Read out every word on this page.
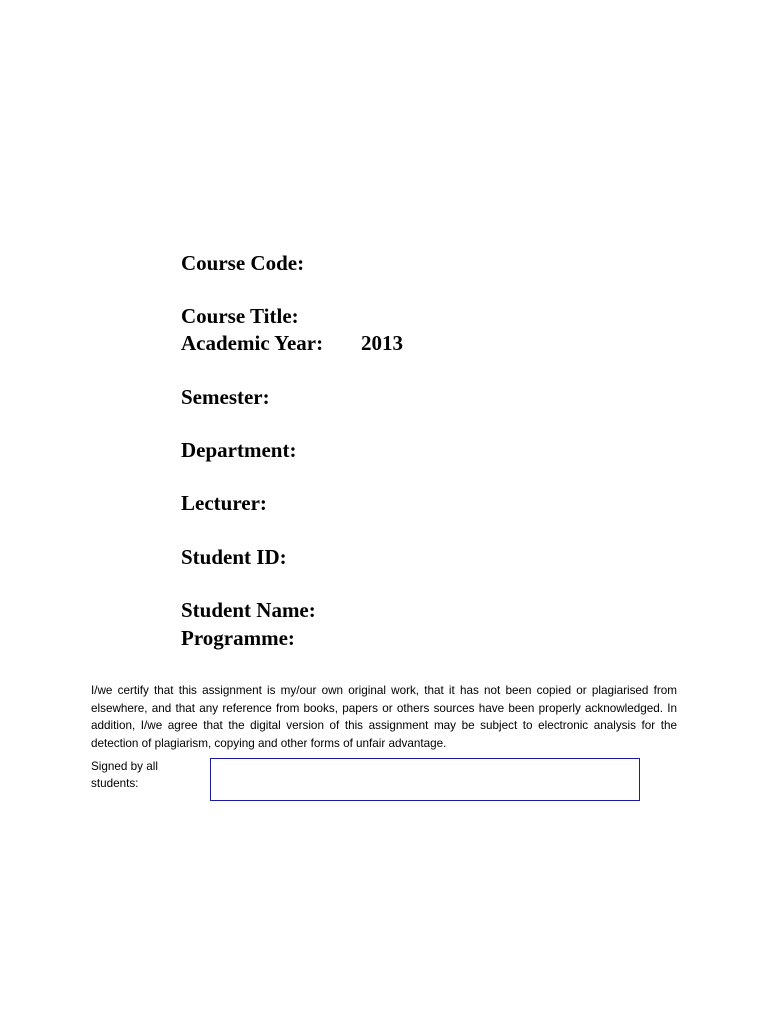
Course Code:
Course Title:
Academic Year: 2013
Semester:
Department:
Lecturer:
Student ID:
Student Name:
Programme:

I/we certify that this assignment is my/our own original work, that it has not been copied or plagiarised from elsewhere, and that any reference from books, papers or others sources have been properly acknowledged. In addition, I/we agree that the digital version of this assignment may be subject to electronic analysis for the detection of plagiarism, copying and other forms of unfair advantage.

Signed by all
students:
